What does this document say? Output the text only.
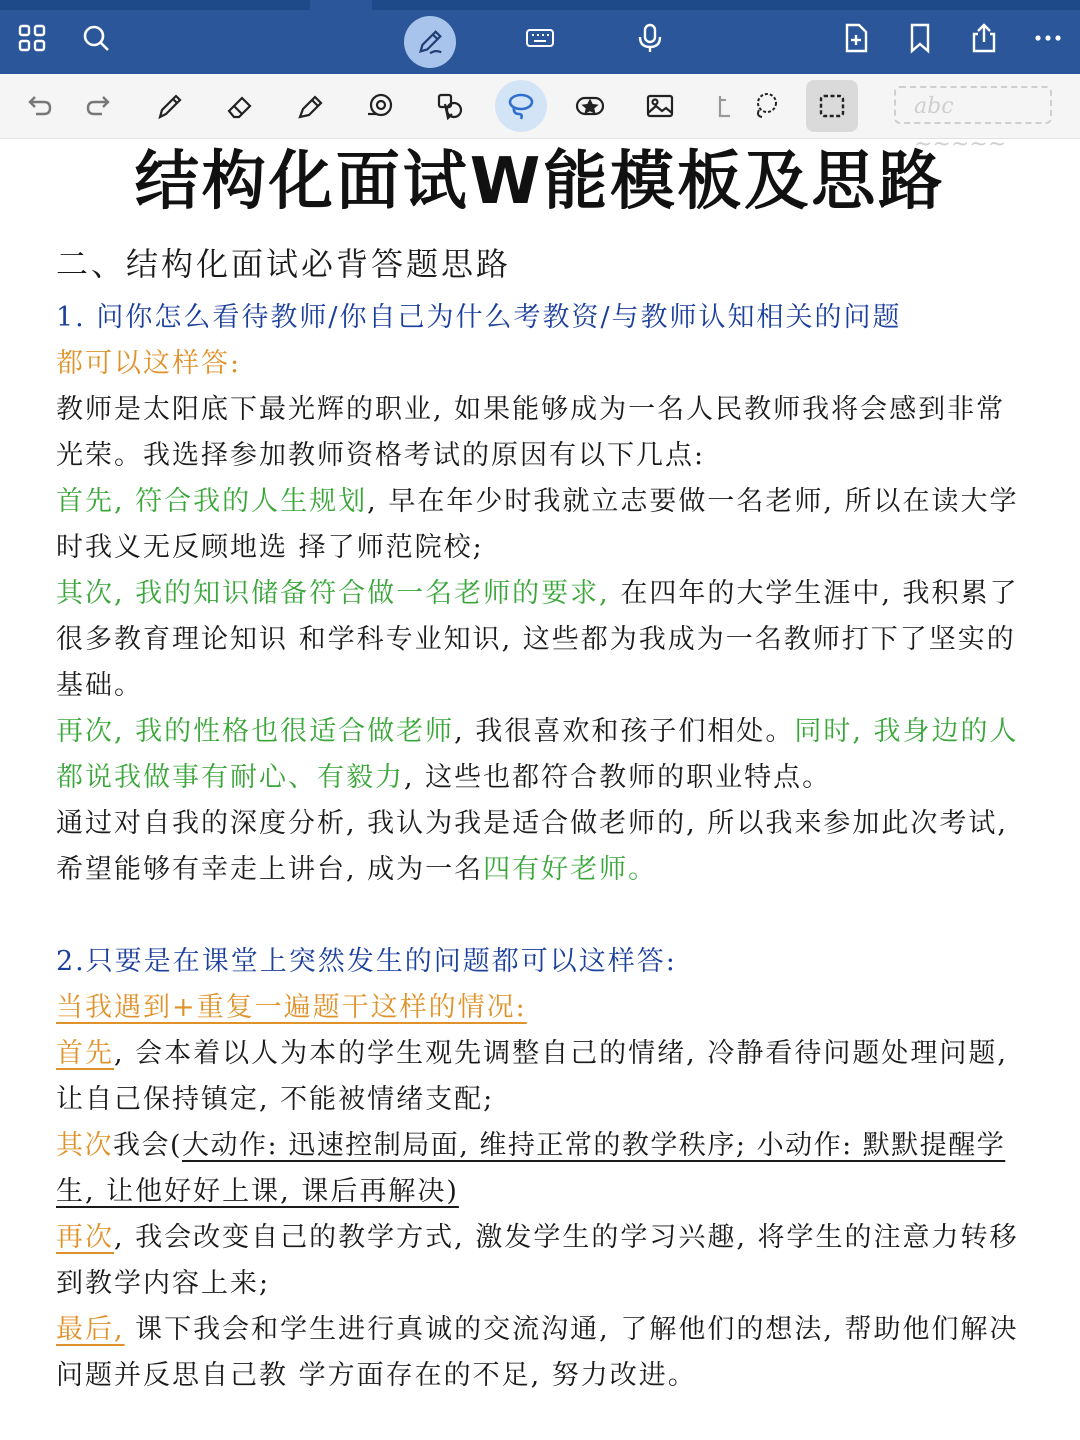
abc ~~~~~
结构化面试W能模板及思路
二、结构化面试必背答题思路
1. 问你怎么看待教师/你自己为什么考教资/与教师认知相关的问题
都可以这样答:
教师是太阳底下最光辉的职业, 如果能够成为一名人民教师我将会感到非常
光荣。我选择参加教师资格考试的原因有以下几点:
首先, 符合我的人生规划, 早在年少时我就立志要做一名老师, 所以在读大学
时我义无反顾地选 择了师范院校;
其次, 我的知识储备符合做一名老师的要求, 在四年的大学生涯中, 我积累了
很多教育理论知识 和学科专业知识, 这些都为我成为一名教师打下了坚实的
基础。
再次, 我的性格也很适合做老师, 我很喜欢和孩子们相处。同时, 我身边的人
都说我做事有耐心、有毅力, 这些也都符合教师的职业特点。
通过对自我的深度分析, 我认为我是适合做老师的, 所以我来参加此次考试,
希望能够有幸走上讲台, 成为一名四有好老师。
2.只要是在课堂上突然发生的问题都可以这样答:
当我遇到+重复一遍题干这样的情况:
首先, 会本着以人为本的学生观先调整自己的情绪, 冷静看待问题处理问题,
让自己保持镇定, 不能被情绪支配;
其次我会(大动作: 迅速控制局面, 维持正常的教学秩序; 小动作: 默默提醒学
生, 让他好好上课, 课后再解决)
再次, 我会改变自己的教学方式, 激发学生的学习兴趣, 将学生的注意力转移
到教学内容上来;
最后, 课下我会和学生进行真诚的交流沟通, 了解他们的想法, 帮助他们解决
问题并反思自己教 学方面存在的不足, 努力改进。
